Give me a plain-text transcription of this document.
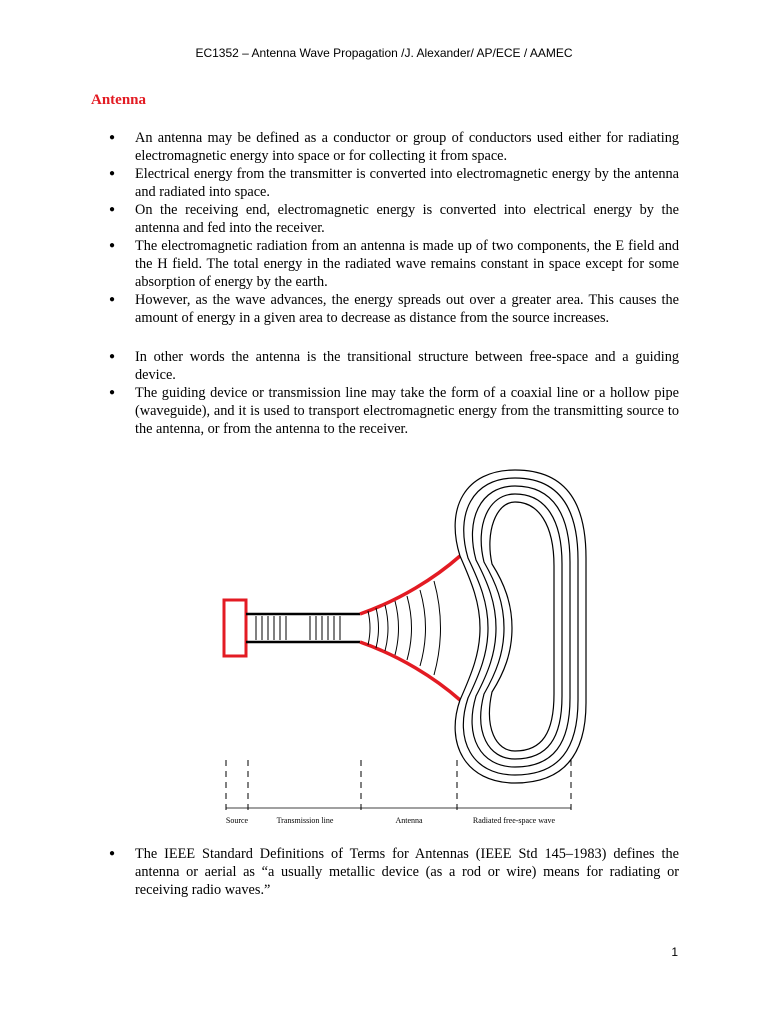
EC1352 – Antenna Wave Propagation /J. Alexander/ AP/ECE / AAMEC
Antenna
● An antenna may be defined as a conductor or group of conductors used either for radiating electromagnetic energy into space or for collecting it from space.
● Electrical energy from the transmitter is converted into electromagnetic energy by the antenna and radiated into space.
● On the receiving end, electromagnetic energy is converted into electrical energy by the antenna and fed into the receiver.
● The electromagnetic radiation from an antenna is made up of two components, the E field and the H field. The total energy in the radiated wave remains constant in space except for some absorption of energy by the earth.
● However, as the wave advances, the energy spreads out over a greater area. This causes the amount of energy in a given area to decrease as distance from the source increases.
● In other words the antenna is the transitional structure between free-space and a guiding device.
● The guiding device or transmission line may take the form of a coaxial line or a hollow pipe (waveguide), and it is used to transport electromagnetic energy from the transmitting source to the antenna, or from the antenna to the receiver.
Source	Transmission line	Antenna	Radiated free-space wave
● The IEEE Standard Definitions of Terms for Antennas (IEEE Std 145–1983) defines the antenna or aerial as “a usually metallic device (as a rod or wire) means for radiating or receiving radio waves.”
1
